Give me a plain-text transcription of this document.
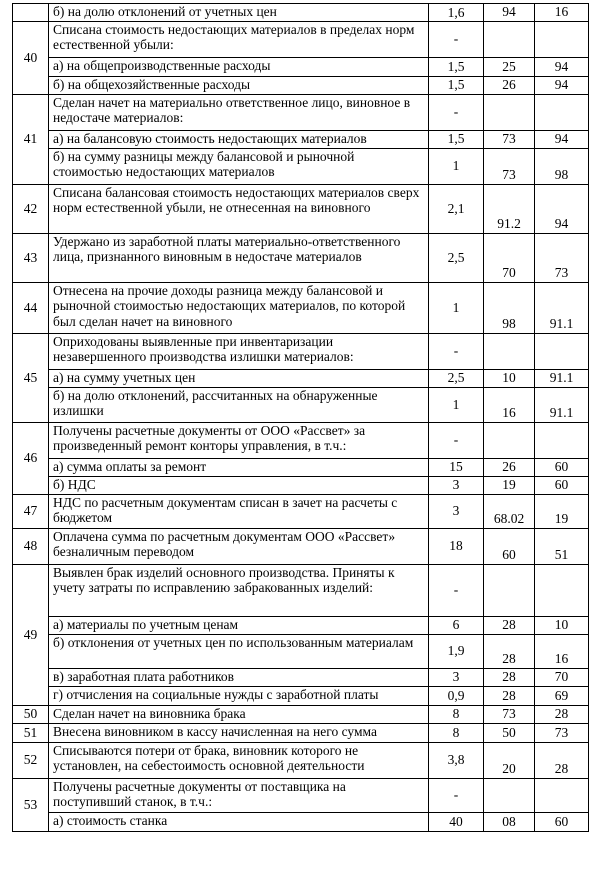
	б) на долю отклонений от учетных цен	1,6	94	16
40	Списана стоимость недостающих материалов в пределах норм естественной убыли:	-		
	а) на общепроизводственные расходы	1,5	25	94
	б) на общехозяйственные расходы	1,5	26	94
41	Сделан начет на материально ответственное лицо, виновное в недостаче материалов:	-		
	а) на балансовую стоимость недостающих материалов	1,5	73	94
	б) на сумму разницы между балансовой и рыночной стоимостью недостающих материалов	1	73	98
42	Списана балансовая стоимость недостающих материалов сверх норм естественной убыли, не отнесенная на виновного	2,1	91.2	94
43	Удержано из заработной платы материально-ответственного лица, признанного виновным в недостаче материалов	2,5	70	73
44	Отнесена на прочие доходы разница между балансовой и рыночной стоимостью недостающих материалов, по которой был сделан начет на виновного	1	98	91.1
45	Оприходованы выявленные при инвентаризации незавершенного производства излишки материалов:	-		
	а) на сумму учетных цен	2,5	10	91.1
	б) на долю отклонений, рассчитанных на обнаруженные излишки	1	16	91.1
46	Получены расчетные документы от ООО «Рассвет» за произведенный ремонт конторы управления, в т.ч.:	-		
	а) сумма оплаты за ремонт	15	26	60
	б) НДС	3	19	60
47	НДС по расчетным документам списан в зачет на расчеты с бюджетом	3	68.02	19
48	Оплачена сумма по расчетным документам ООО «Рассвет» безналичным переводом	18	60	51
49	Выявлен брак изделий основного производства. Приняты к учету затраты по исправлению забракованных изделий:	-		
	а) материалы по учетным ценам	6	28	10
	б) отклонения от учетных цен по использованным материалам	1,9	28	16
	в) заработная плата работников	3	28	70
	г) отчисления на социальные нужды с заработной платы	0,9	28	69
50	Сделан начет на виновника брака	8	73	28
51	Внесена виновником в кассу начисленная на него сумма	8	50	73
52	Списываются потери от брака, виновник которого не установлен, на себестоимость основной деятельности	3,8	20	28
53	Получены расчетные документы от поставщика на поступивший станок, в т.ч.:	-		
	а) стоимость станка	40	08	60
